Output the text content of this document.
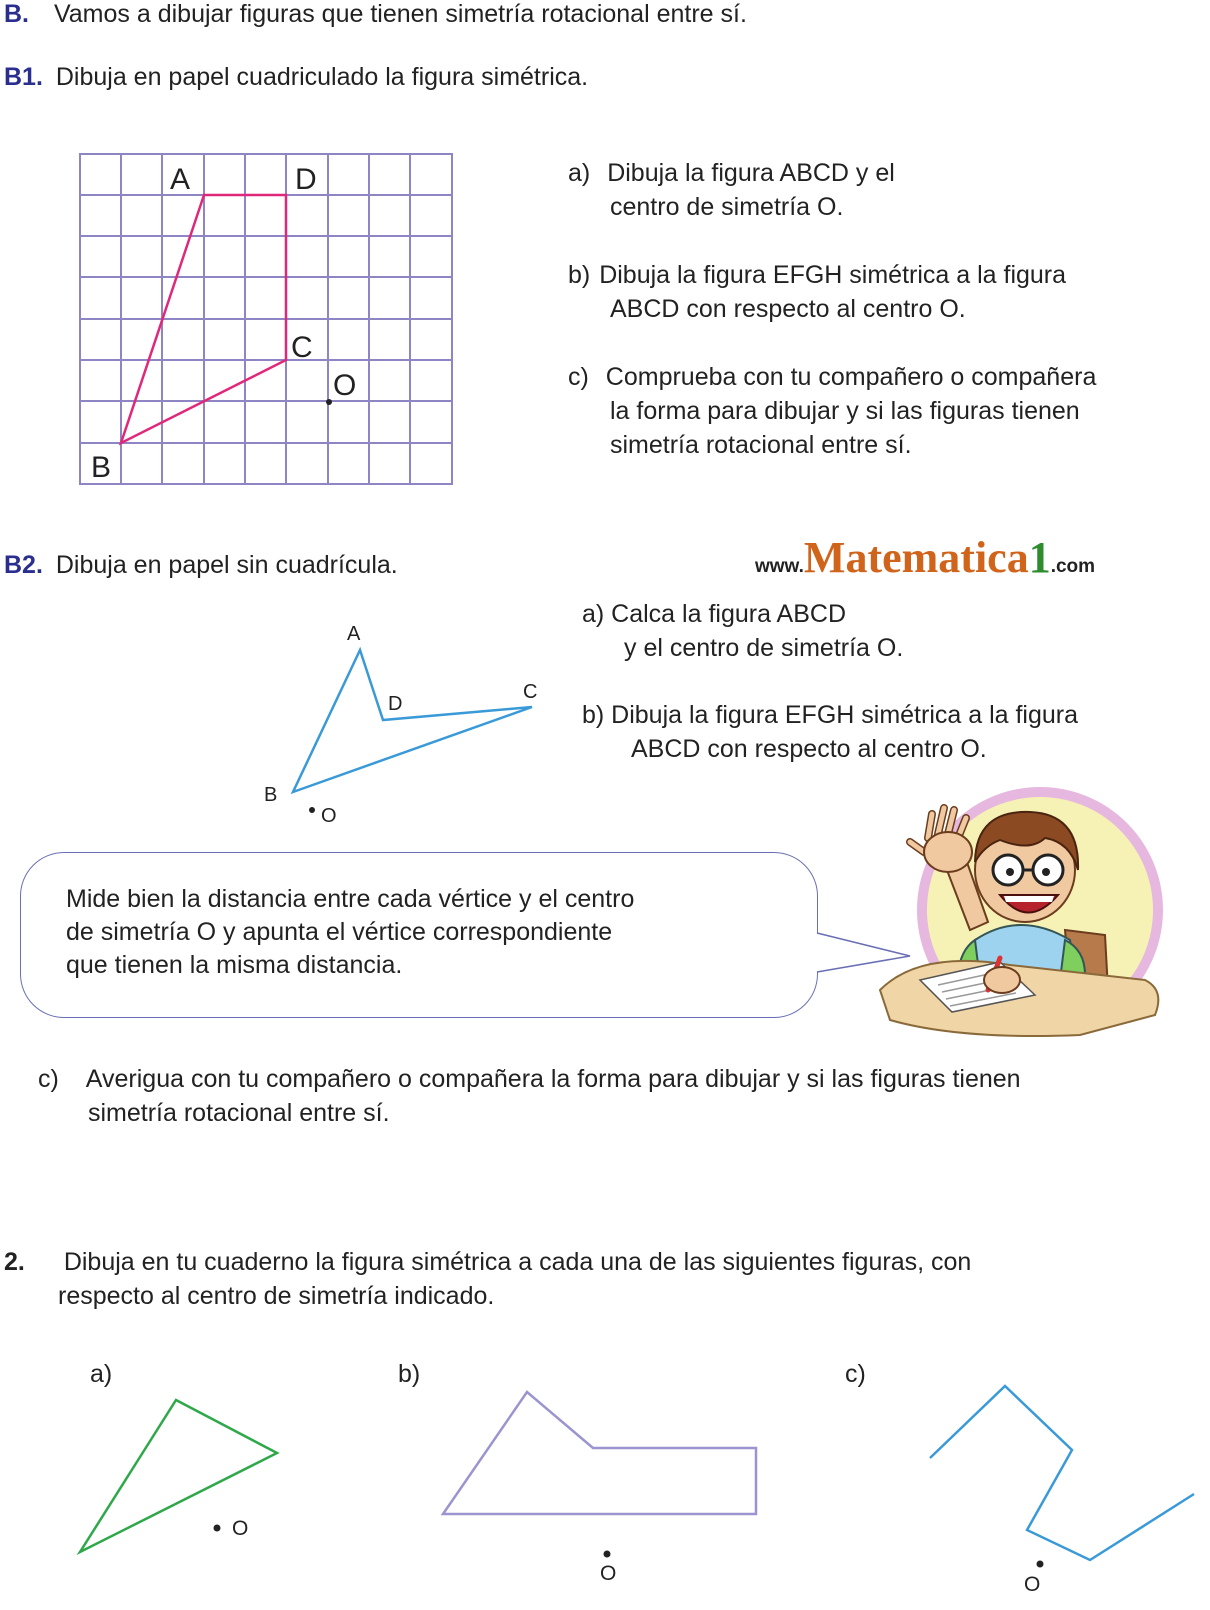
B. Vamos a dibujar figuras que tienen simetría rotacional entre sí.
B1. Dibuja en papel cuadriculado la figura simétrica.
A	D
C
O
B
a) Dibuja la figura ABCD y el
centro de simetría O.
b) Dibuja la figura EFGH simétrica a la figura
ABCD con respecto al centro O.
c) Comprueba con tu compañero o compañera
la forma para dibujar y si las figuras tienen
simetría rotacional entre sí.
B2. Dibuja en papel sin cuadrícula.	www.Matematica1.com
A
D
C
B
O
a) Calca la figura ABCD
y el centro de simetría O.
b) Dibuja la figura EFGH simétrica a la figura
ABCD con respecto al centro O.
Mide bien la distancia entre cada vértice y el centro
de simetría O y apunta el vértice correspondiente
que tienen la misma distancia.
c) Averigua con tu compañero o compañera la forma para dibujar y si las figuras tienen
simetría rotacional entre sí.
2. Dibuja en tu cuaderno la figura simétrica a cada una de las siguientes figuras, con
respecto al centro de simetría indicado.
a)	b)	c)
O
O	O
